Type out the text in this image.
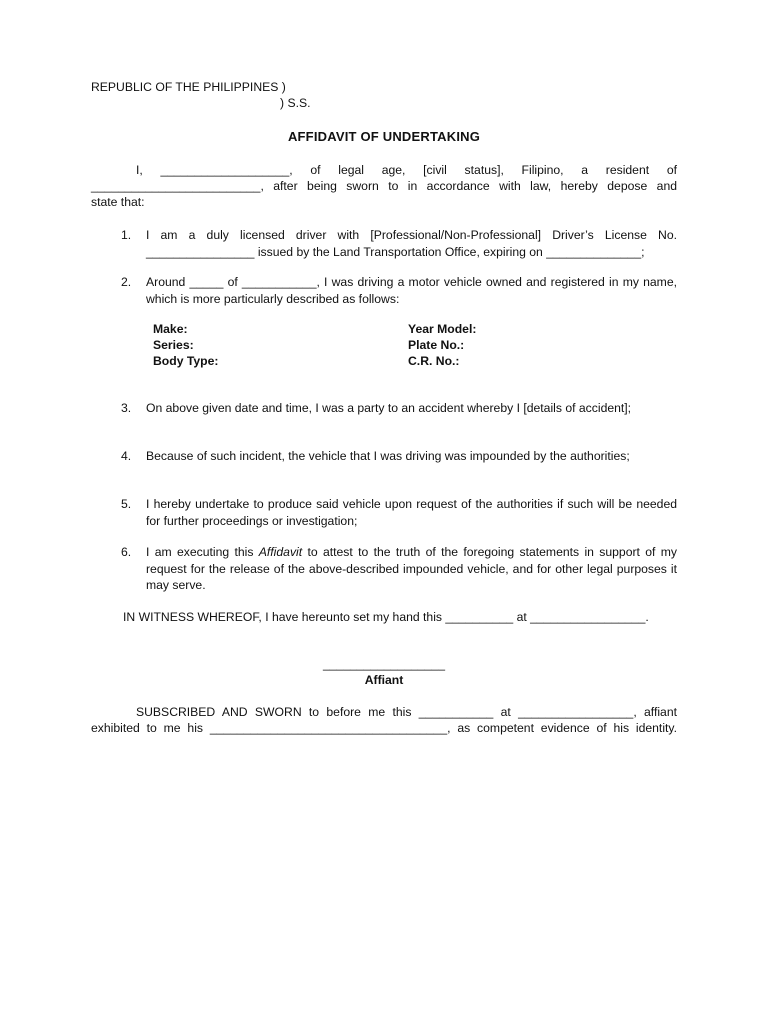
REPUBLIC OF THE PHILIPPINES )

) S.S.

AFFIDAVIT OF UNDERTAKING

I, ___________________, of legal age, [civil status], Filipino, a resident of

_________________________, after being sworn to in accordance with law, hereby depose and

state that:

1.	I am a duly licensed driver with [Professional/Non-Professional] Driver’s License No. ________________ issued by the Land Transportation Office, expiring on ______________;
2.	Around _____ of ___________, I was driving a motor vehicle owned and registered in my name, which is more particularly described as follows:
Make:	Year Model:
Series:	Plate No.:
Body Type:	C.R. No.:
3.	On above given date and time, I was a party to an accident whereby I [details of accident];
4.	Because of such incident, the vehicle that I was driving was impounded by the authorities;
5.	I hereby undertake to produce said vehicle upon request of the authorities if such will be needed for further proceedings or investigation;
6.	I am executing this Affidavit to attest to the truth of the foregoing statements in support of my request for the release of the above-described impounded vehicle, and for other legal purposes it may serve.

IN WITNESS WHEREOF, I have hereunto set my hand this __________ at _________________.

__________________

Affiant

SUBSCRIBED AND SWORN to before me this ___________ at _________________, affiant

exhibited to me his ___________________________________, as competent evidence of his identity.
